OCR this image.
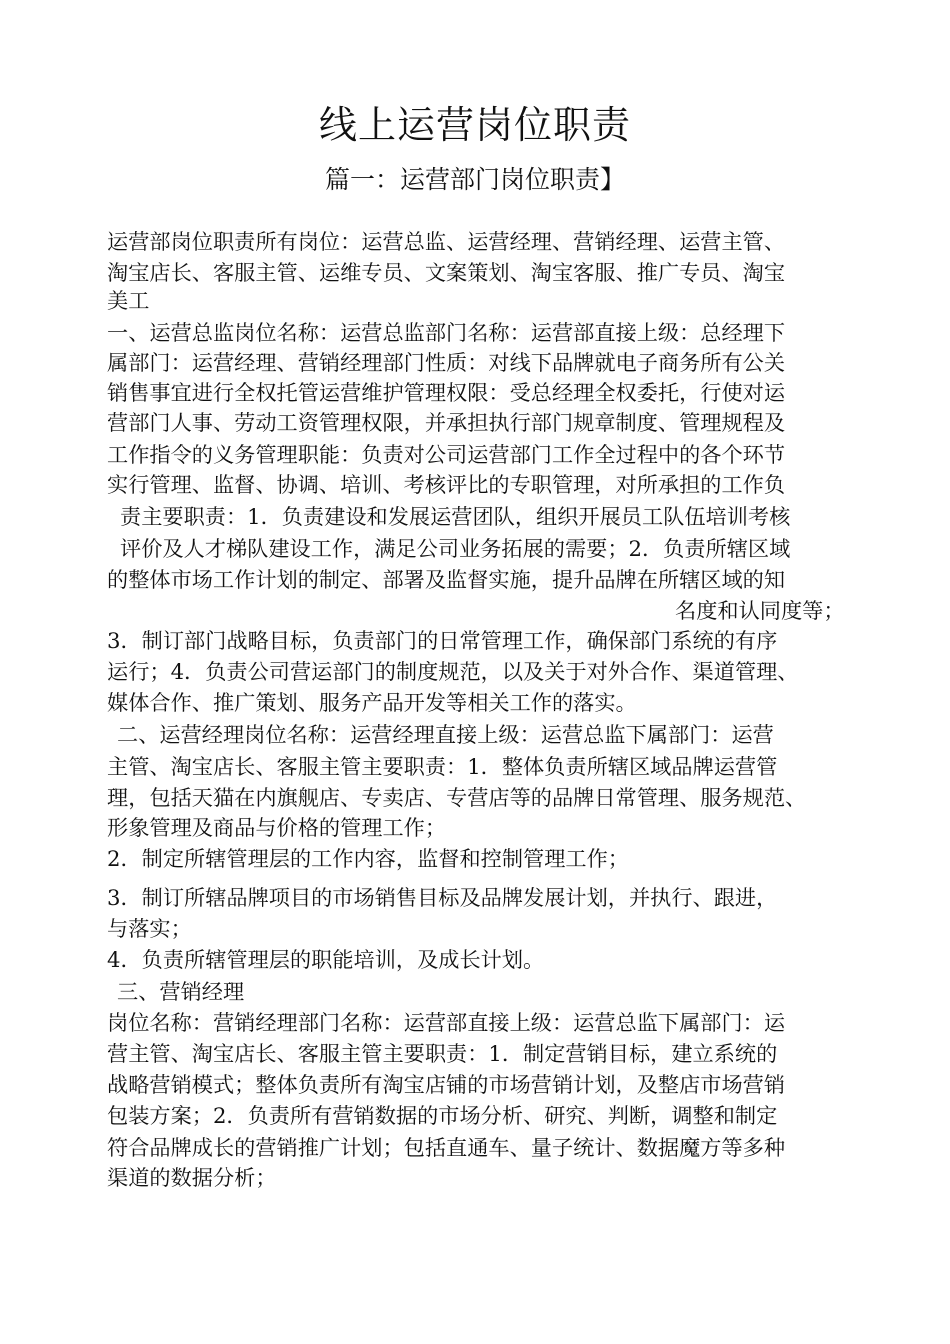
线上运营岗位职责
篇一：运营部门岗位职责】
运营部岗位职责所有岗位：运营总监、运营经理、营销经理、运营主管、
淘宝店长、客服主管、运维专员、文案策划、淘宝客服、推广专员、淘宝
美工
一、运营总监岗位名称：运营总监部门名称：运营部直接上级：总经理下
属部门：运营经理、营销经理部门性质：对线下品牌就电子商务所有公关
销售事宜进行全权托管运营维护管理权限：受总经理全权委托，行使对运
营部门人事、劳动工资管理权限，并承担执行部门规章制度、管理规程及
工作指令的义务管理职能：负责对公司运营部门工作全过程中的各个环节
实行管理、监督、协调、培训、考核评比的专职管理，对所承担的工作负
责主要职责：1．负责建设和发展运营团队，组织开展员工队伍培训考核
评价及人才梯队建设工作，满足公司业务拓展的需要；2．负责所辖区域
的整体市场工作计划的制定、部署及监督实施，提升品牌在所辖区域的知
名度和认同度等；
3．制订部门战略目标，负责部门的日常管理工作，确保部门系统的有序
运行；4．负责公司营运部门的制度规范，以及关于对外合作、渠道管理、
媒体合作、推广策划、服务产品开发等相关工作的落实。
二、运营经理岗位名称：运营经理直接上级：运营总监下属部门：运营
主管、淘宝店长、客服主管主要职责：1．整体负责所辖区域品牌运营管
理，包括天猫在内旗舰店、专卖店、专营店等的品牌日常管理、服务规范、
形象管理及商品与价格的管理工作；
2．制定所辖管理层的工作内容，监督和控制管理工作；
3．制订所辖品牌项目的市场销售目标及品牌发展计划，并执行、跟进，
与落实；
4．负责所辖管理层的职能培训，及成长计划。
三、营销经理
岗位名称：营销经理部门名称：运营部直接上级：运营总监下属部门：运
营主管、淘宝店长、客服主管主要职责：1．制定营销目标，建立系统的
战略营销模式；整体负责所有淘宝店铺的市场营销计划，及整店市场营销
包装方案；2．负责所有营销数据的市场分析、研究、判断，调整和制定
符合品牌成长的营销推广计划；包括直通车、量子统计、数据魔方等多种
渠道的数据分析；
